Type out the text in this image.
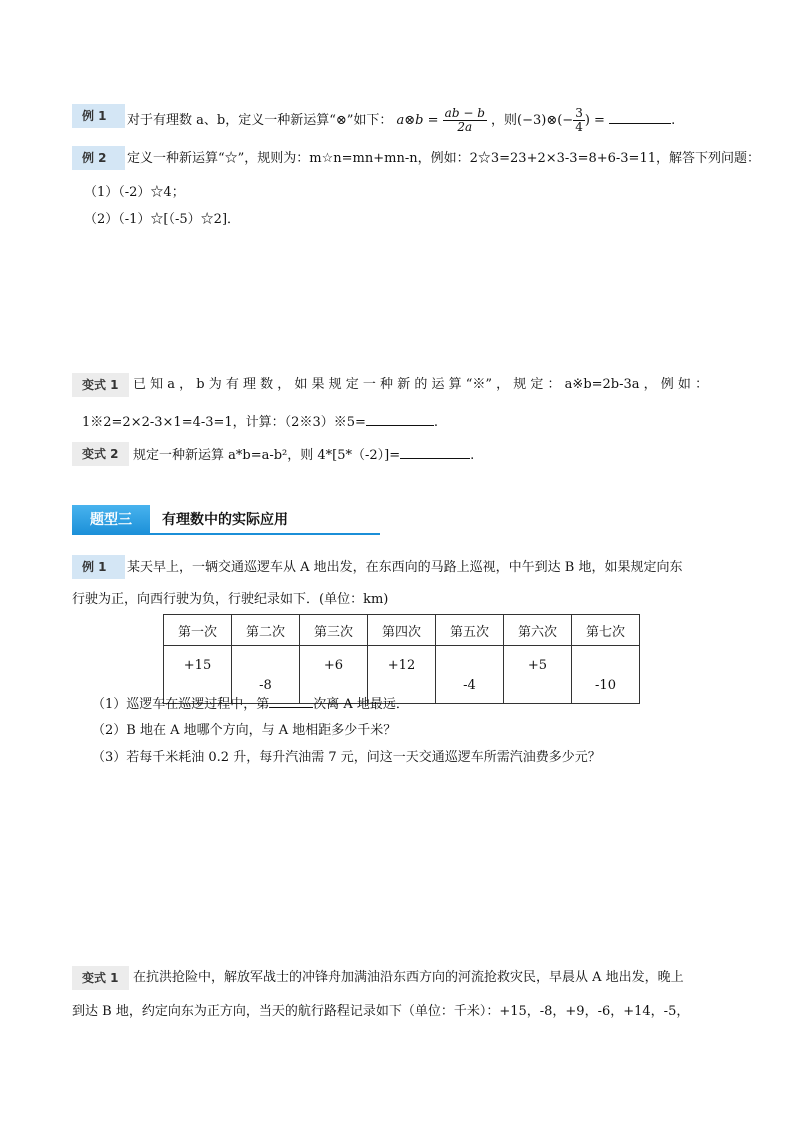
例 1	对于有理数 a、b，定义一种新运算“⊗”如下： a⊗b = $\frac{ab - b}{2a}$ ，则(−3)⊗(− $\frac{3}{4}$ ) =	.
例 2	定义一种新运算“☆”，规则为：m☆n=mn+mn-n，例如：2☆3=23+2×3-3=8+6-3=11，解答下列问题：
（1）（-2）☆4；
（2）（-1）☆[（-5）☆2]．
变式 1	已 知 a ， b 为 有 理 数 ， 如 果 规 定 一 种 新 的 运 算 “※” ， 规 定 ： a※b=2b-3a ， 例 如 ：
1※2=2×2-3×1=4-3=1，计算：（2※3）※5=	.
变式 2	规定一种新运算 a*b=a-b²，则 4*[5*（-2）]=	.
题型三	有理数中的实际应用
例 1	某天早上，一辆交通巡逻车从 A 地出发，在东西向的马路上巡视，中午到达 B 地，如果规定向东
行驶为正，向西行驶为负，行驶纪录如下．(单位：km)
第一次	第二次	第三次	第四次	第五次	第六次	第七次
+15	-8	+6	+12	-4	+5	-10
（1）巡逻车在巡逻过程中，第	次离 A 地最远．
（2）B 地在 A 地哪个方向，与 A 地相距多少千米？
（3）若每千米耗油 0.2 升，每升汽油需 7 元，问这一天交通巡逻车所需汽油费多少元？
变式 1	在抗洪抢险中，解放军战士的冲锋舟加满油沿东西方向的河流抢救灾民，早晨从 A 地出发，晚上
到达 B 地，约定向东为正方向，当天的航行路程记录如下（单位：千米）：+15，-8，+9，-6，+14，-5，
